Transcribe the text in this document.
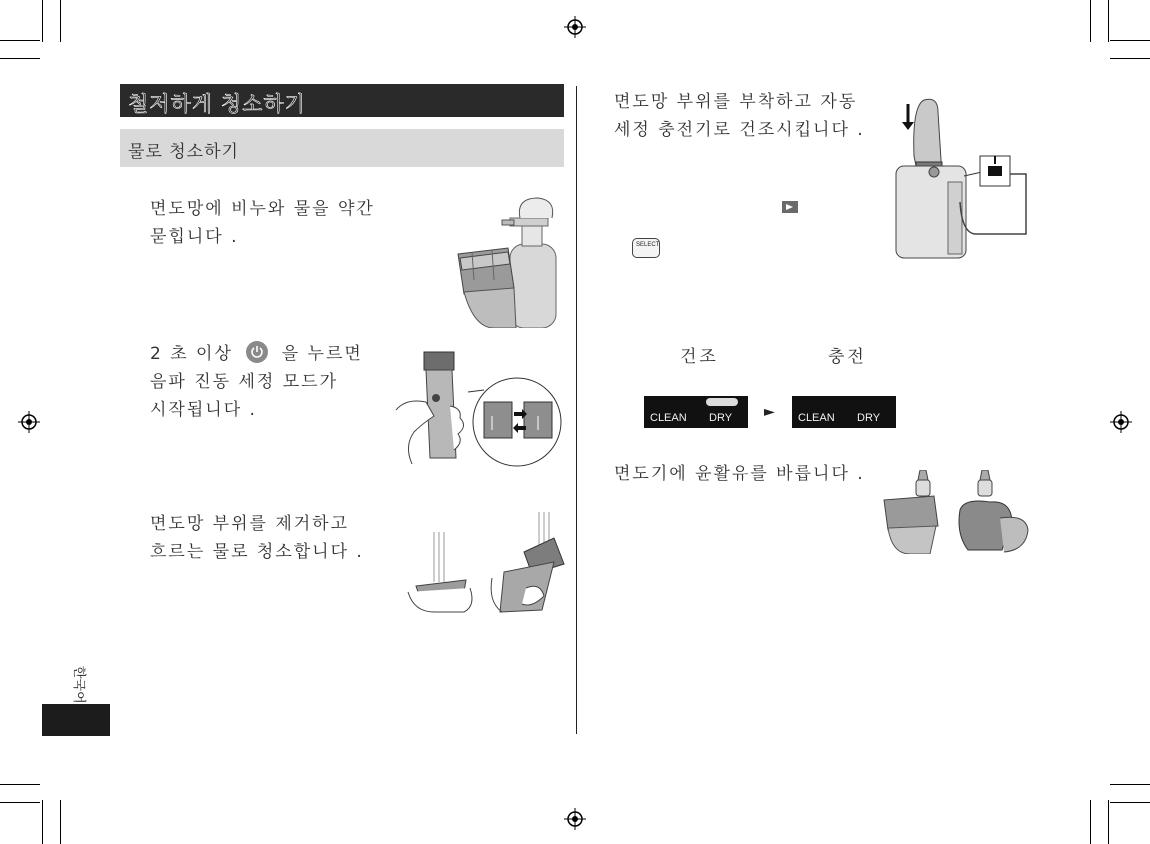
철저하게 청소하기
물로 청소하기
면도망에 비누와 물을 약간
묻힙니다 .
2 초 이상	을 누르면
음파 진동 세정 모드가
시작됩니다 .
면도망 부위를 제거하고
흐르는 물로 청소합니다 .
한국어
면도망 부위를 부착하고 자동
세정 충전기로 건조시킵니다 .
SELECT
건조	충전
CLEAN DRY ► CLEAN DRY
면도기에 윤활유를 바릅니다 .
